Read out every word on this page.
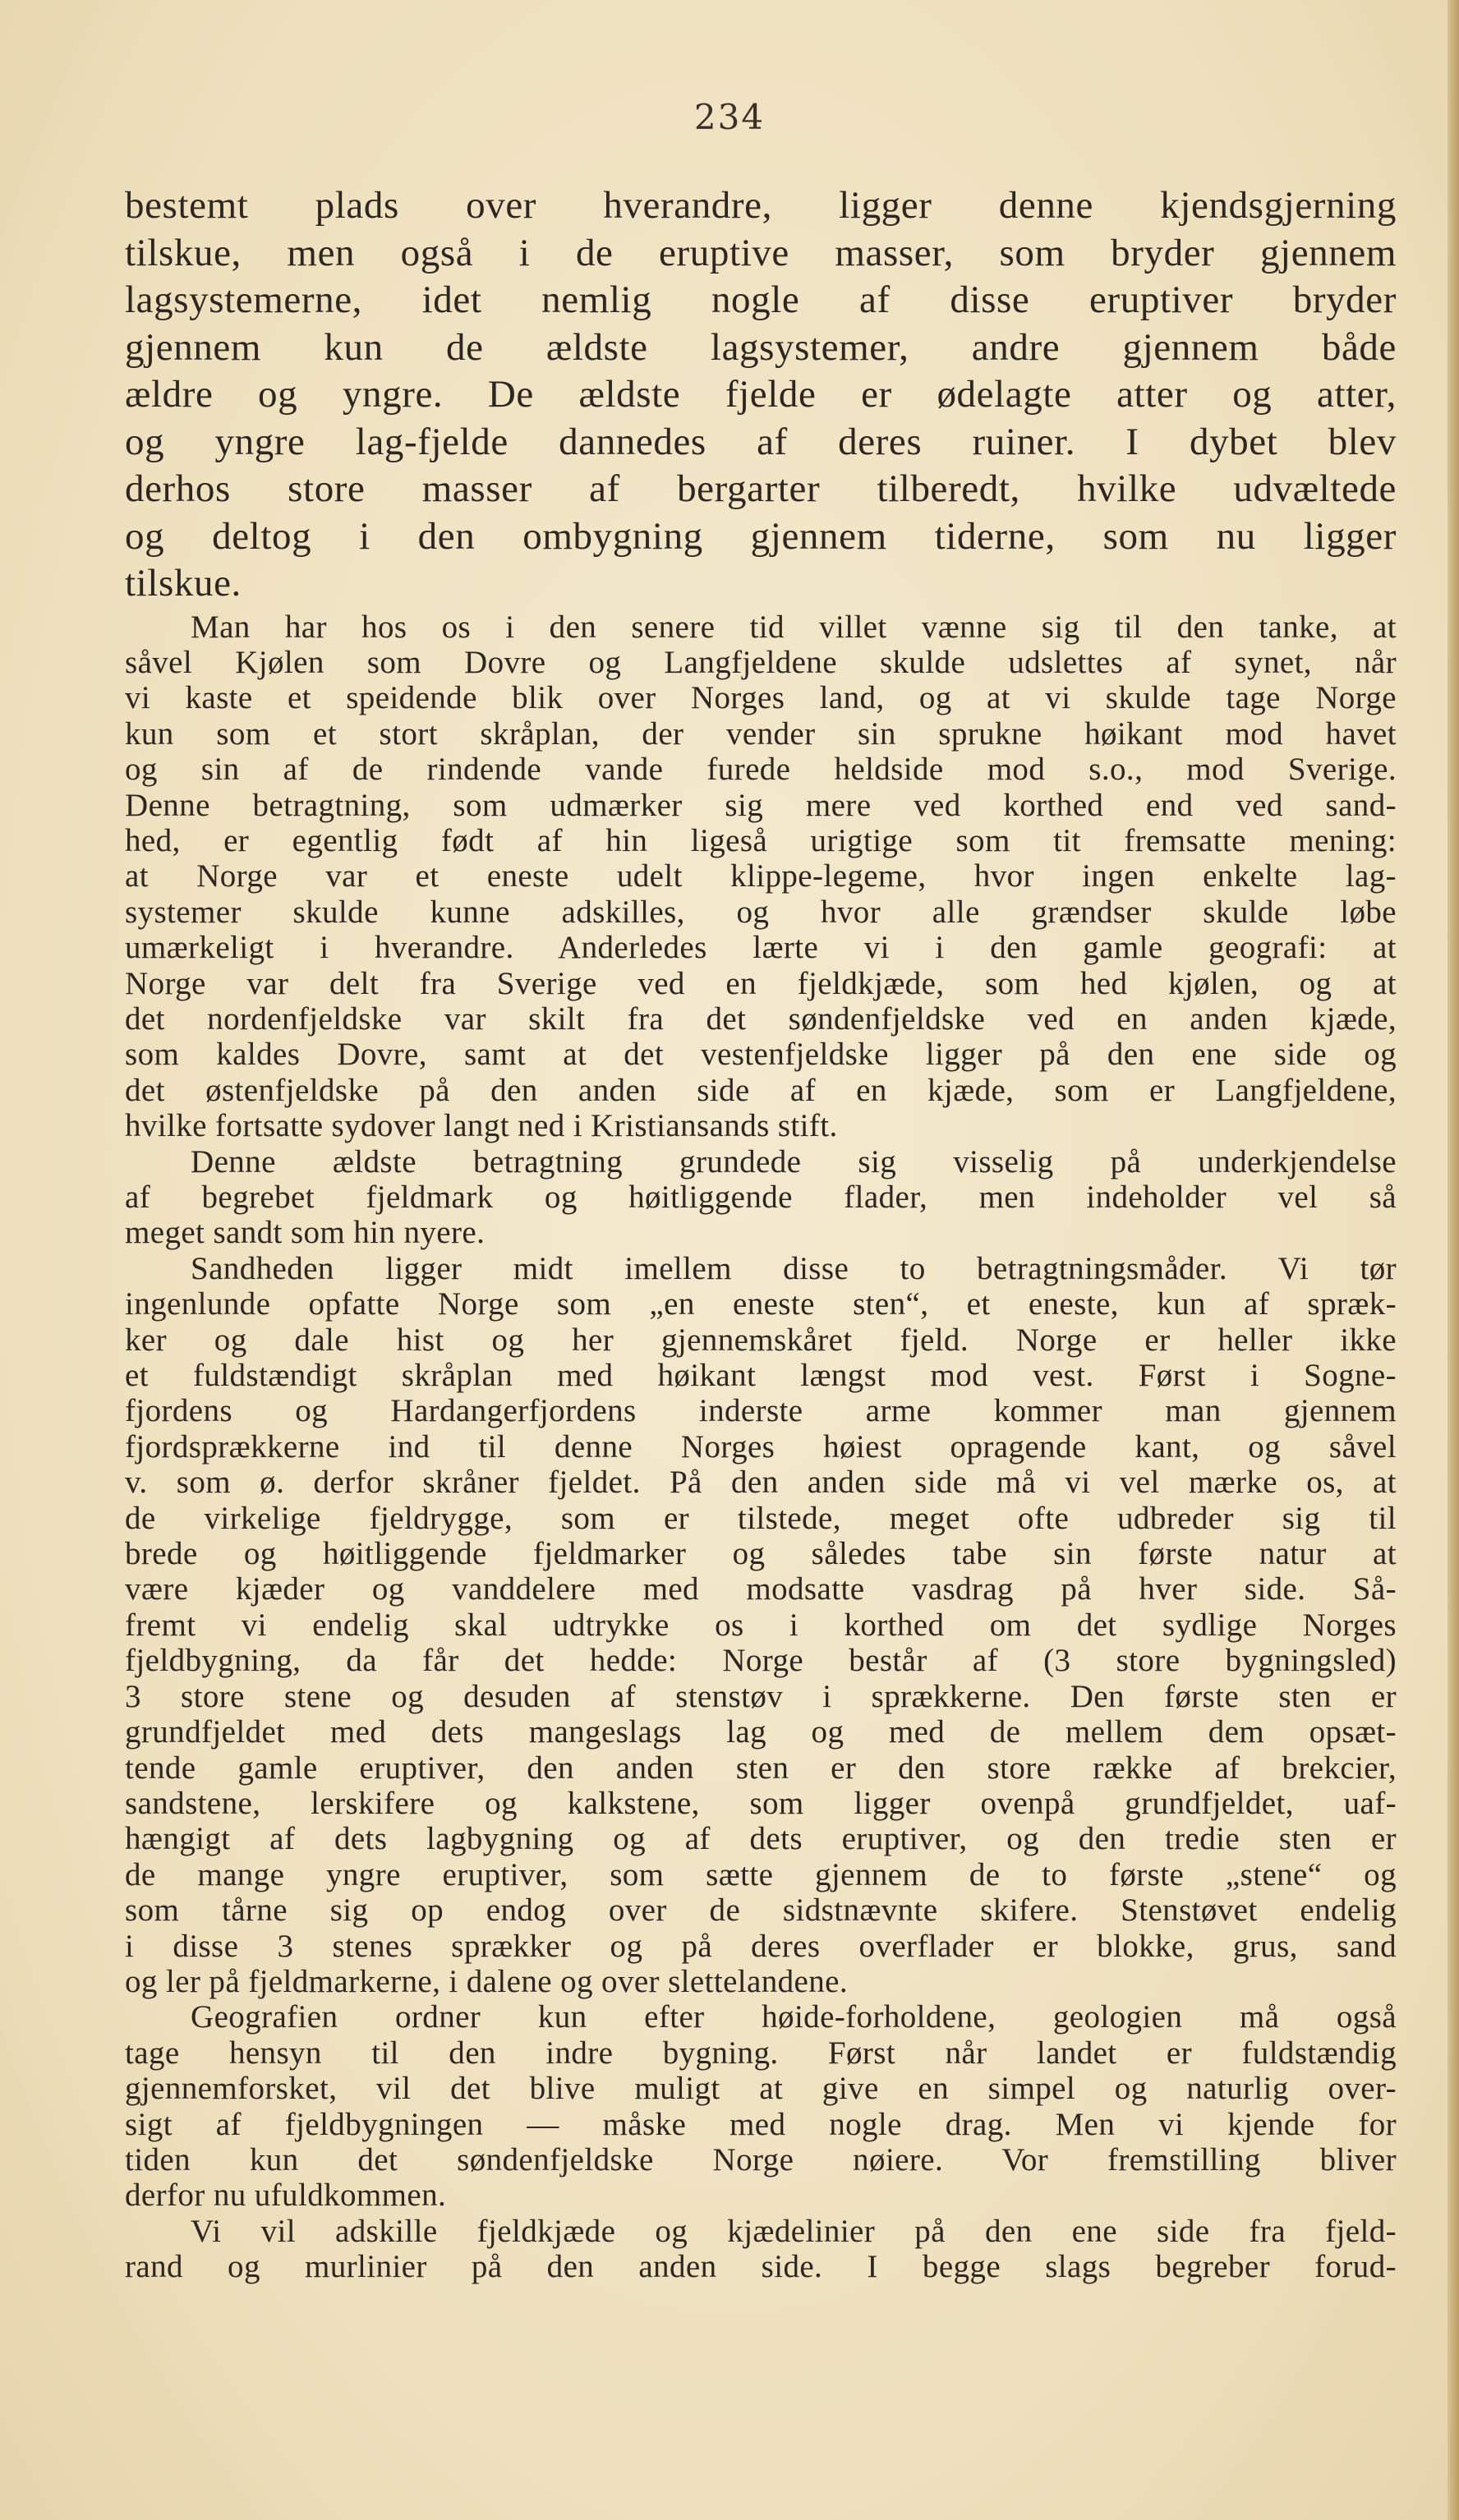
234

bestemt plads over hverandre, ligger denne kjendsgjerning

tilskue, men også i de eruptive masser, som bryder gjennem

lagsystemerne, idet nemlig nogle af disse eruptiver bryder

gjennem kun de ældste lagsystemer, andre gjennem både

ældre og yngre. De ældste fjelde er ødelagte atter og atter,

og yngre lag-fjelde dannedes af deres ruiner. I dybet blev

derhos store masser af bergarter tilberedt, hvilke udvæltede

og deltog i den ombygning gjennem tiderne, som nu ligger

tilskue.

Man har hos os i den senere tid villet vænne sig til den tanke, at

såvel Kjølen som Dovre og Langfjeldene skulde udslettes af synet, når

vi kaste et speidende blik over Norges land, og at vi skulde tage Norge

kun som et stort skråplan, der vender sin sprukne høikant mod havet

og sin af de rindende vande furede heldside mod s.o., mod Sverige.

Denne betragtning, som udmærker sig mere ved korthed end ved sand-

hed, er egentlig født af hin ligeså urigtige som tit fremsatte mening:

at Norge var et eneste udelt klippe-legeme, hvor ingen enkelte lag-

systemer skulde kunne adskilles, og hvor alle grændser skulde løbe

umærkeligt i hverandre. Anderledes lærte vi i den gamle geografi: at

Norge var delt fra Sverige ved en fjeldkjæde, som hed kjølen, og at

det nordenfjeldske var skilt fra det søndenfjeldske ved en anden kjæde,

som kaldes Dovre, samt at det vestenfjeldske ligger på den ene side og

det østenfjeldske på den anden side af en kjæde, som er Langfjeldene,

hvilke fortsatte sydover langt ned i Kristiansands stift.

Denne ældste betragtning grundede sig visselig på underkjendelse

af begrebet fjeldmark og høitliggende flader, men indeholder vel så

meget sandt som hin nyere.

Sandheden ligger midt imellem disse to betragtningsmåder. Vi tør

ingenlunde opfatte Norge som „en eneste sten“, et eneste, kun af spræk-

ker og dale hist og her gjennemskåret fjeld. Norge er heller ikke

et fuldstændigt skråplan med høikant længst mod vest. Først i Sogne-

fjordens og Hardangerfjordens inderste arme kommer man gjennem

fjordsprækkerne ind til denne Norges høiest opragende kant, og såvel

v. som ø. derfor skråner fjeldet. På den anden side må vi vel mærke os, at

de virkelige fjeldrygge, som er tilstede, meget ofte udbreder sig til

brede og høitliggende fjeldmarker og således tabe sin første natur at

være kjæder og vanddelere med modsatte vasdrag på hver side. Så-

fremt vi endelig skal udtrykke os i korthed om det sydlige Norges

fjeldbygning, da får det hedde: Norge består af (3 store bygningsled)

3 store stene og desuden af stenstøv i sprækkerne. Den første sten er

grundfjeldet med dets mangeslags lag og med de mellem dem opsæt-

tende gamle eruptiver, den anden sten er den store række af brekcier,

sandstene, lerskifere og kalkstene, som ligger ovenpå grundfjeldet, uaf-

hængigt af dets lagbygning og af dets eruptiver, og den tredie sten er

de mange yngre eruptiver, som sætte gjennem de to første „stene“ og

som tårne sig op endog over de sidstnævnte skifere. Stenstøvet endelig

i disse 3 stenes sprækker og på deres overflader er blokke, grus, sand

og ler på fjeldmarkerne, i dalene og over slettelandene.

Geografien ordner kun efter høide-forholdene, geologien må også

tage hensyn til den indre bygning. Først når landet er fuldstændig

gjennemforsket, vil det blive muligt at give en simpel og naturlig over-

sigt af fjeldbygningen — måske med nogle drag. Men vi kjende for

tiden kun det søndenfjeldske Norge nøiere. Vor fremstilling bliver

derfor nu ufuldkommen.

Vi vil adskille fjeldkjæde og kjædelinier på den ene side fra fjeld-

rand og murlinier på den anden side. I begge slags begreber forud-
